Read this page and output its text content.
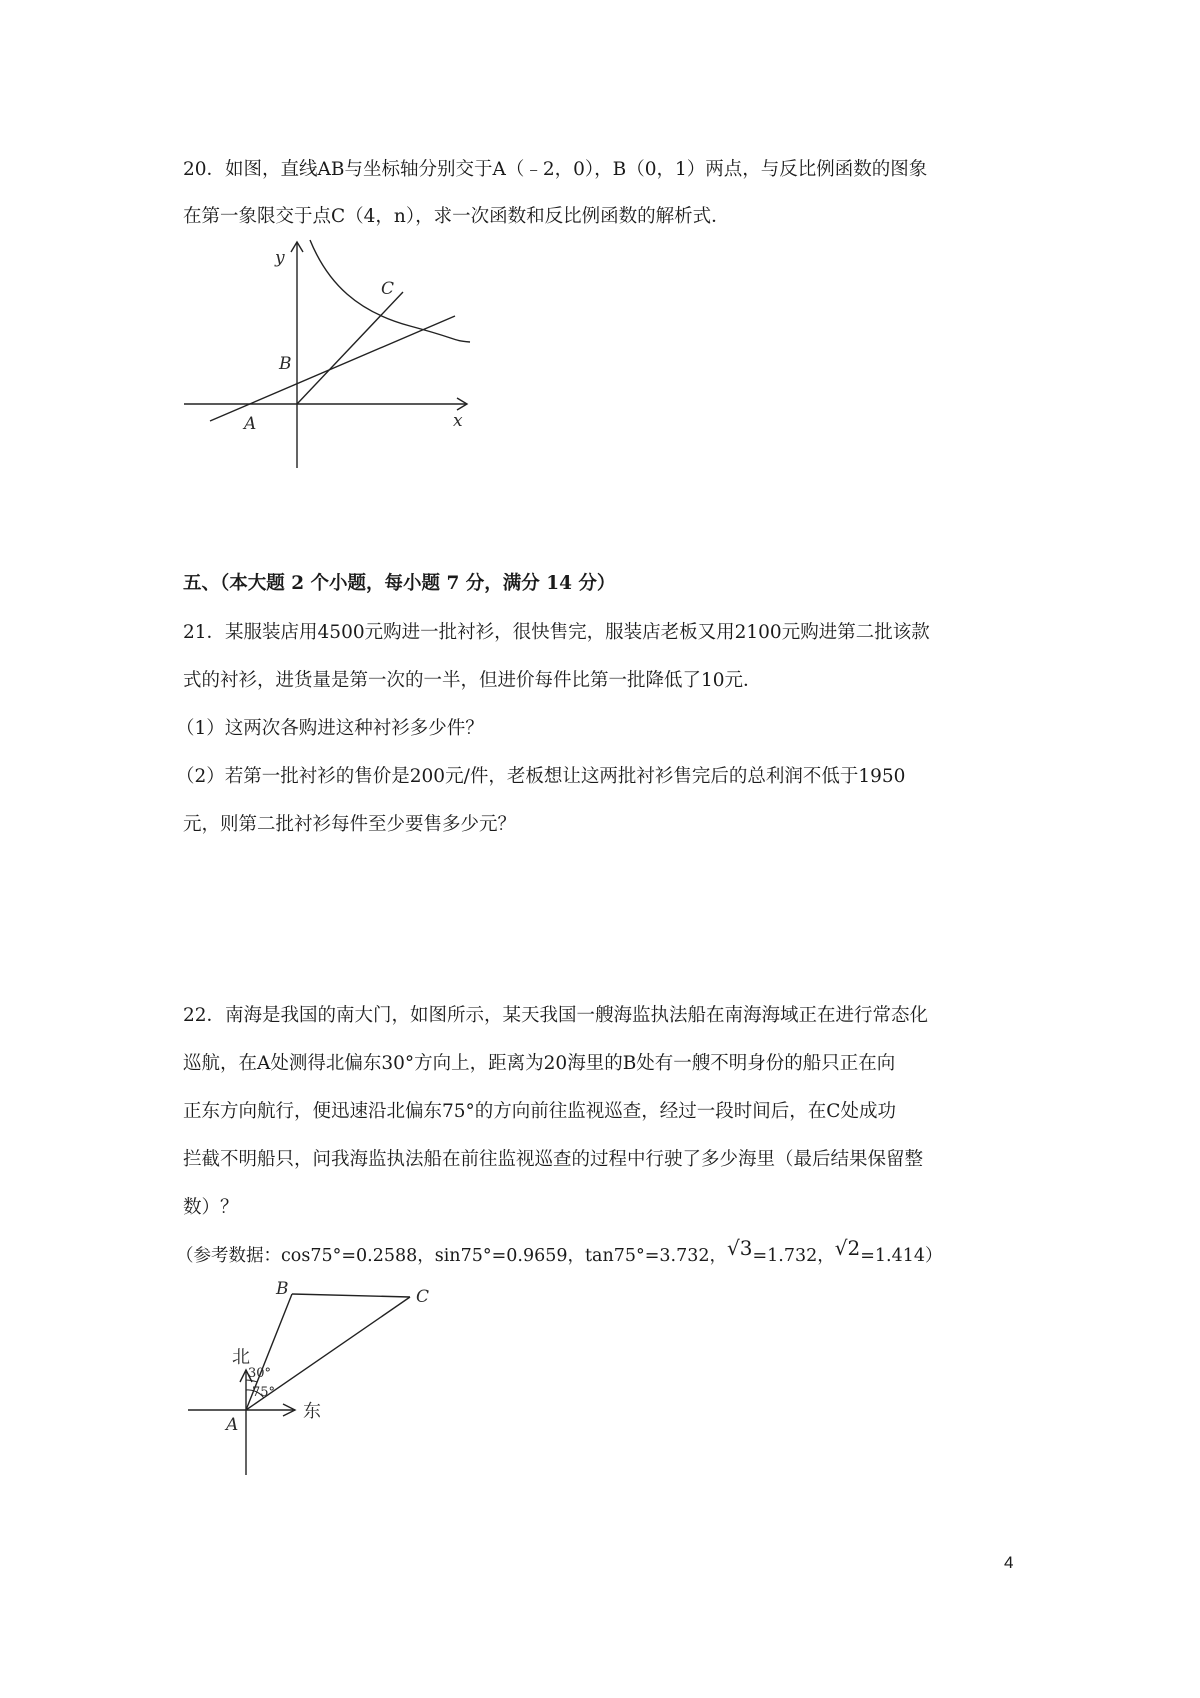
20．如图，直线AB与坐标轴分别交于A（﹣2，0），B（0，1）两点，与反比例函数的图象
在第一象限交于点C（4，n），求一次函数和反比例函数的解析式．
y
x
A
B
C
五、（本大题 2 个小题，每小题 7 分，满分 14 分）
21．某服装店用4500元购进一批衬衫，很快售完，服装店老板又用2100元购进第二批该款
式的衬衫，进货量是第一次的一半，但进价每件比第一批降低了10元．
（1）这两次各购进这种衬衫多少件？
（2）若第一批衬衫的售价是200元/件，老板想让这两批衬衫售完后的总利润不低于1950
元，则第二批衬衫每件至少要售多少元？
22．南海是我国的南大门，如图所示，某天我国一艘海监执法船在南海海域正在进行常态化
巡航，在A处测得北偏东30°方向上，距离为20海里的B处有一艘不明身份的船只正在向
正东方向航行，便迅速沿北偏东75°的方向前往监视巡查，经过一段时间后，在C处成功
拦截不明船只，问我海监执法船在前往监视巡查的过程中行驶了多少海里（最后结果保留整
数）？
（参考数据：cos75°=0.2588，sin75°=0.9659，tan75°=3.732，√3=1.732，√2=1.414）
北
东
A
B	C
30°
75°
4
